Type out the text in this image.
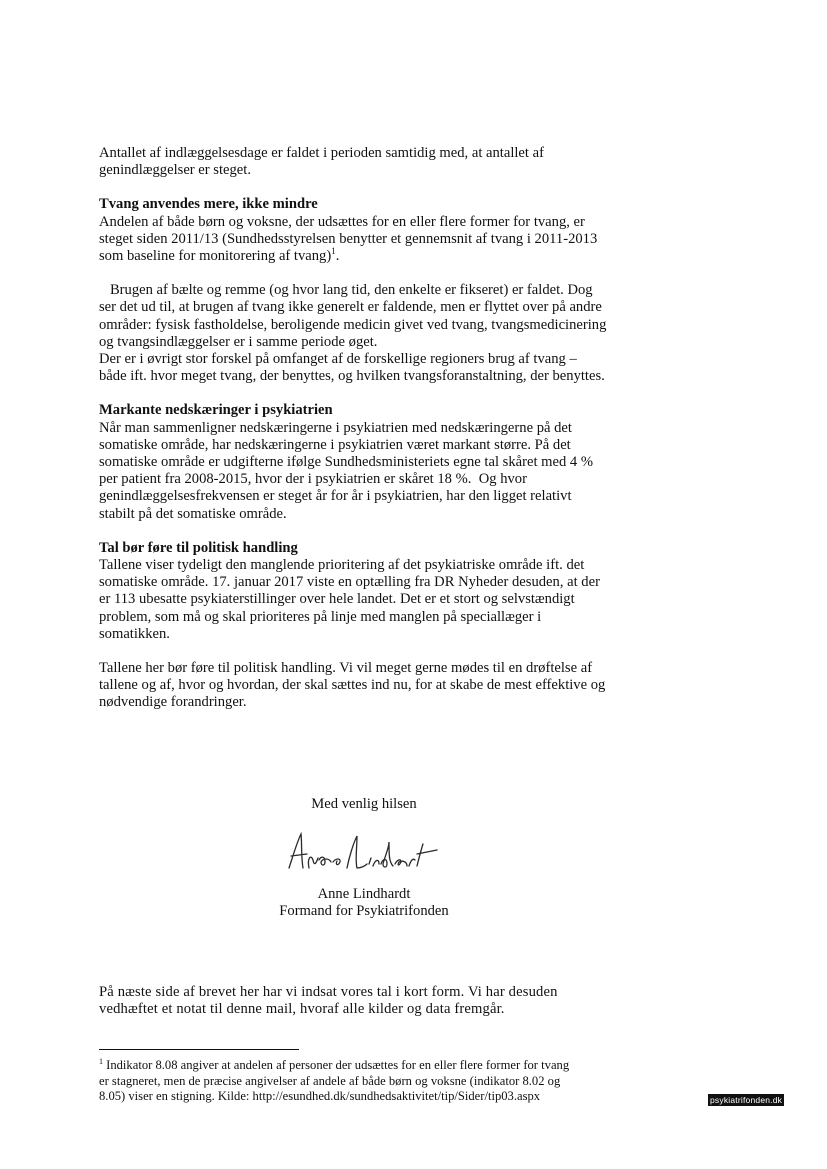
Antallet af indlæggelsesdage er faldet i perioden samtidig med, at antallet af
genindlæggelser er steget.

Tvang anvendes mere, ikke mindre

Andelen af både børn og voksne, der udsættes for en eller flere former for tvang, er
steget siden 2011/13 (Sundhedsstyrelsen benytter et gennemsnit af tvang i 2011-2013
som baseline for monitorering af tvang)$^1$.

Brugen af bælte og remme (og hvor lang tid, den enkelte er fikseret) er faldet. Dog
ser det ud til, at brugen af tvang ikke generelt er faldende, men er flyttet over på andre
områder: fysisk fastholdelse, beroligende medicin givet ved tvang, tvangsmedicinering
og tvangsindlæggelser er i samme periode øget.
Der er i øvrigt stor forskel på omfanget af de forskellige regioners brug af tvang –
både ift. hvor meget tvang, der benyttes, og hvilken tvangsforanstaltning, der benyttes.

Markante nedskæringer i psykiatrien

Når man sammenligner nedskæringerne i psykiatrien med nedskæringerne på det
somatiske område, har nedskæringerne i psykiatrien været markant større. På det
somatiske område er udgifterne ifølge Sundhedsministeriets egne tal skåret med 4 %
per patient fra 2008-2015, hvor der i psykiatrien er skåret 18 %.  Og hvor
genindlæggelsesfrekvensen er steget år for år i psykiatrien, har den ligget relativt
stabilt på det somatiske område.

Tal bør føre til politisk handling

Tallene viser tydeligt den manglende prioritering af det psykiatriske område ift. det
somatiske område. 17. januar 2017 viste en optælling fra DR Nyheder desuden, at der
er 113 ubesatte psykiaterstillinger over hele landet. Det er et stort og selvstændigt
problem, som må og skal prioriteres på linje med manglen på speciallæger i
somatikken.

Tallene her bør føre til politisk handling. Vi vil meget gerne mødes til en drøftelse af
tallene og af, hvor og hvordan, der skal sættes ind nu, for at skabe de mest effektive og
nødvendige forandringer.

Med venlig hilsen
Anne Lindhardt
Formand for Psykiatrifonden

På næste side af brevet her har vi indsat vores tal i kort form. Vi har desuden
vedhæftet et notat til denne mail, hvoraf alle kilder og data fremgår.

$^1$ Indikator 8.08 angiver at andelen af personer der udsættes for en eller flere former for tvang
er stagneret, men de præcise angivelser af andele af både børn og voksne (indikator 8.02 og
8.05) viser en stigning. Kilde: http://esundhed.dk/sundhedsaktivitet/tip/Sider/tip03.aspx	psykiatrifonden.dk
